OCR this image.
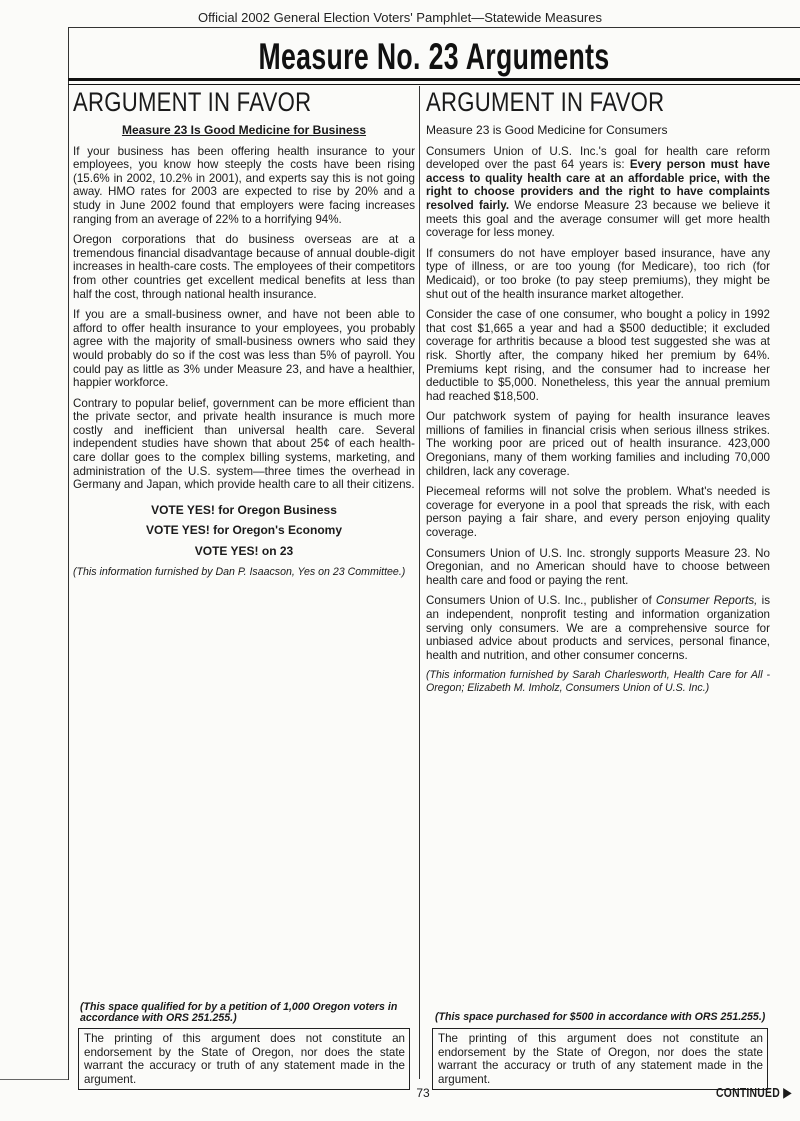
Official 2002 General Election Voters' Pamphlet—Statewide Measures
Measure No. 23 Arguments
ARGUMENT IN FAVOR

Measure 23 Is Good Medicine for Business

If your business has been offering health insurance to your employees, you know how steeply the costs have been rising (15.6% in 2002, 10.2% in 2001), and experts say this is not going away. HMO rates for 2003 are expected to rise by 20% and a study in June 2002 found that employers were facing increases ranging from an average of 22% to a horrifying 94%.

Oregon corporations that do business overseas are at a tremendous financial disadvantage because of annual double-digit increases in health-care costs. The employees of their competitors from other countries get excellent medical benefits at less than half the cost, through national health insurance.

If you are a small-business owner, and have not been able to afford to offer health insurance to your employees, you probably agree with the majority of small-business owners who said they would probably do so if the cost was less than 5% of payroll. You could pay as little as 3% under Measure 23, and have a healthier, happier workforce.

Contrary to popular belief, government can be more efficient than the private sector, and private health insurance is much more costly and inefficient than universal health care. Several independent studies have shown that about 25¢ of each health-care dollar goes to the complex billing systems, marketing, and administration of the U.S. system—three times the overhead in Germany and Japan, which provide health care to all their citizens.

VOTE YES! for Oregon Business

VOTE YES! for Oregon's Economy

VOTE YES! on 23

(This information furnished by Dan P. Isaacson, Yes on 23 Committee.)

ARGUMENT IN FAVOR

Measure 23 is Good Medicine for Consumers

Consumers Union of U.S. Inc.'s goal for health care reform developed over the past 64 years is: Every person must have access to quality health care at an affordable price, with the right to choose providers and the right to have complaints resolved fairly. We endorse Measure 23 because we believe it meets this goal and the average consumer will get more health coverage for less money.

If consumers do not have employer based insurance, have any type of illness, or are too young (for Medicare), too rich (for Medicaid), or too broke (to pay steep premiums), they might be shut out of the health insurance market altogether.

Consider the case of one consumer, who bought a policy in 1992 that cost $1,665 a year and had a $500 deductible; it excluded coverage for arthritis because a blood test suggested she was at risk. Shortly after, the company hiked her premium by 64%. Premiums kept rising, and the consumer had to increase her deductible to $5,000. Nonetheless, this year the annual premium had reached $18,500.

Our patchwork system of paying for health insurance leaves millions of families in financial crisis when serious illness strikes. The working poor are priced out of health insurance. 423,000 Oregonians, many of them working families and including 70,000 children, lack any coverage.

Piecemeal reforms will not solve the problem. What's needed is coverage for everyone in a pool that spreads the risk, with each person paying a fair share, and every person enjoying quality coverage.

Consumers Union of U.S. Inc. strongly supports Measure 23. No Oregonian, and no American should have to choose between health care and food or paying the rent.

Consumers Union of U.S. Inc., publisher of Consumer Reports, is an independent, nonprofit testing and information organization serving only consumers. We are a comprehensive source for unbiased advice about products and services, personal finance, health and nutrition, and other consumer concerns.

(This information furnished by Sarah Charlesworth, Health Care for All - Oregon; Elizabeth M. Imholz, Consumers Union of U.S. Inc.)

(This space qualified for by a petition of 1,000 Oregon voters in accordance with ORS 251.255.)	(This space purchased for $500 in accordance with ORS 251.255.)
The printing of this argument does not constitute an endorsement by the State of Oregon, nor does the state warrant the accuracy or truth of any statement made in the argument.
The printing of this argument does not constitute an endorsement by the State of Oregon, nor does the state warrant the accuracy or truth of any statement made in the argument.
73	CONTINUED ▶
